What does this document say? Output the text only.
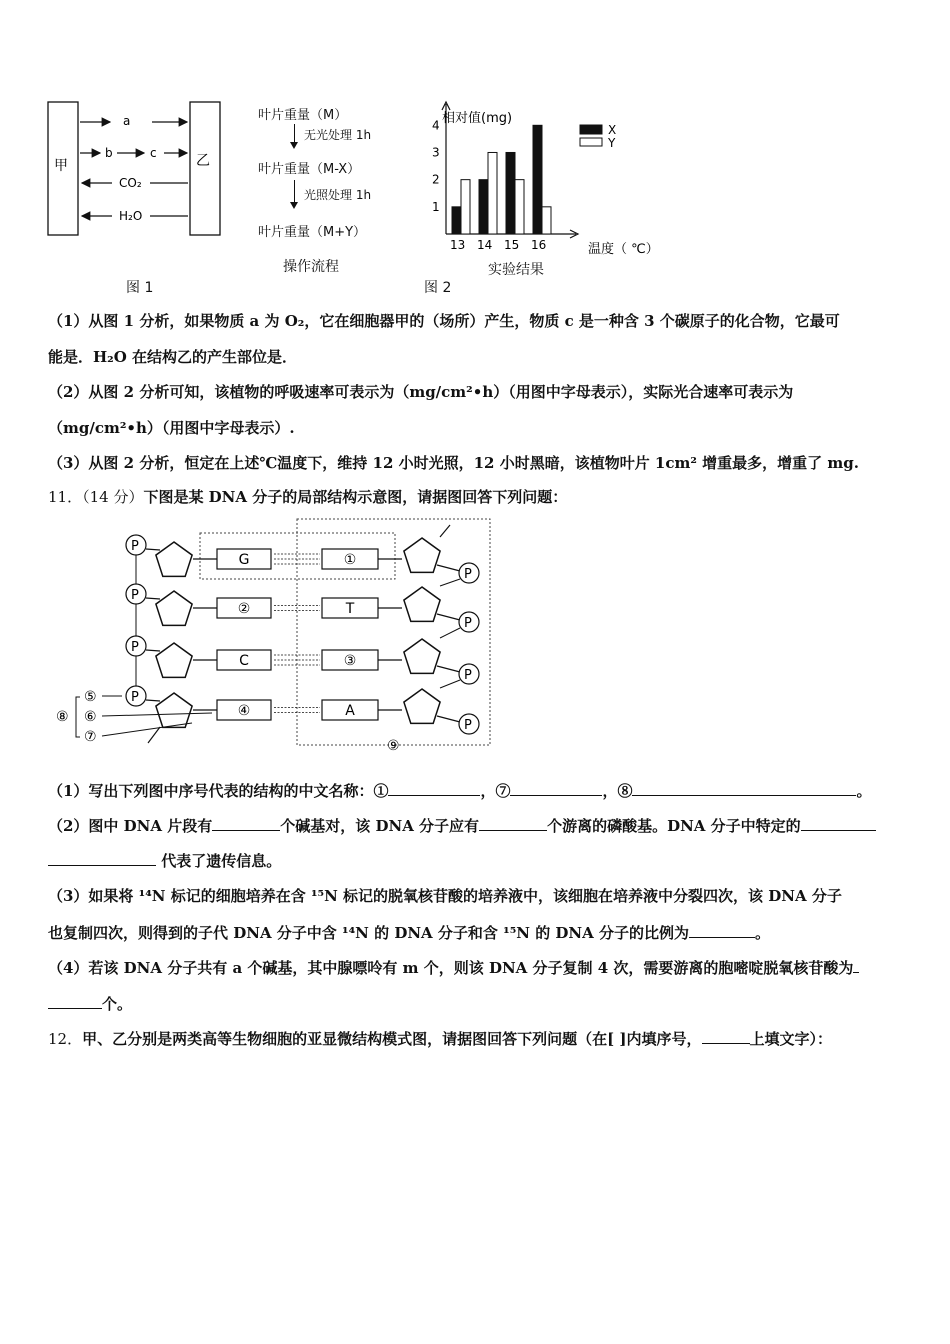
甲	乙
a
b	c
CO₂
H₂O
图 1
叶片重量（M）
无光处理 1h
叶片重量（M-X）
光照处理 1h
叶片重量（M+Y）
操作流程
相对值(mg)
1
2
3
4
13 14 15 16
X
Y
温度（ ℃）
实验结果
图 2
（1）从图 1 分析，如果物质 a 为 O₂，它在细胞器甲的（场所）产生，物质 c 是一种含 3 个碳原子的化合物，它最可
能是．H₂O 在结构乙的产生部位是．
（2）从图 2 分析可知，该植物的呼吸速率可表示为（mg/cm²•h）（用图中字母表示），实际光合速率可表示为
（mg/cm²•h）（用图中字母表示）.
（3）从图 2 分析，恒定在上述℃温度下，维持 12 小时光照，12 小时黑暗，该植物叶片 1cm² 增重最多，增重了 mg.
11．（14 分）下图是某 DNA 分子的局部结构示意图，请据图回答下列问题：
P
G	①
P
P
②	T
P
P
C	③
P
P
④	A
P
⑤
⑥
⑦
⑧
⑨
（1）写出下列图中序号代表的结构的中文名称：①	，⑦	，⑧	。
（2）图中 DNA 片段有	个碱基对，该 DNA 分子应有	个游离的磷酸基。DNA 分子中特定的
代表了遗传信息。
（3）如果将 ¹⁴N 标记的细胞培养在含 ¹⁵N 标记的脱氧核苷酸的培养液中，该细胞在培养液中分裂四次，该 DNA 分子
也复制四次，则得到的子代 DNA 分子中含 ¹⁴N 的 DNA 分子和含 ¹⁵N 的 DNA 分子的比例为	。
（4）若该 DNA 分子共有 a 个碱基，其中腺嘌呤有 m 个，则该 DNA 分子复制 4 次，需要游离的胞嘧啶脱氧核苷酸为
个。
12．甲、乙分别是两类高等生物细胞的亚显微结构模式图，请据图回答下列问题（在[ ]内填序号，	上填文字）：
